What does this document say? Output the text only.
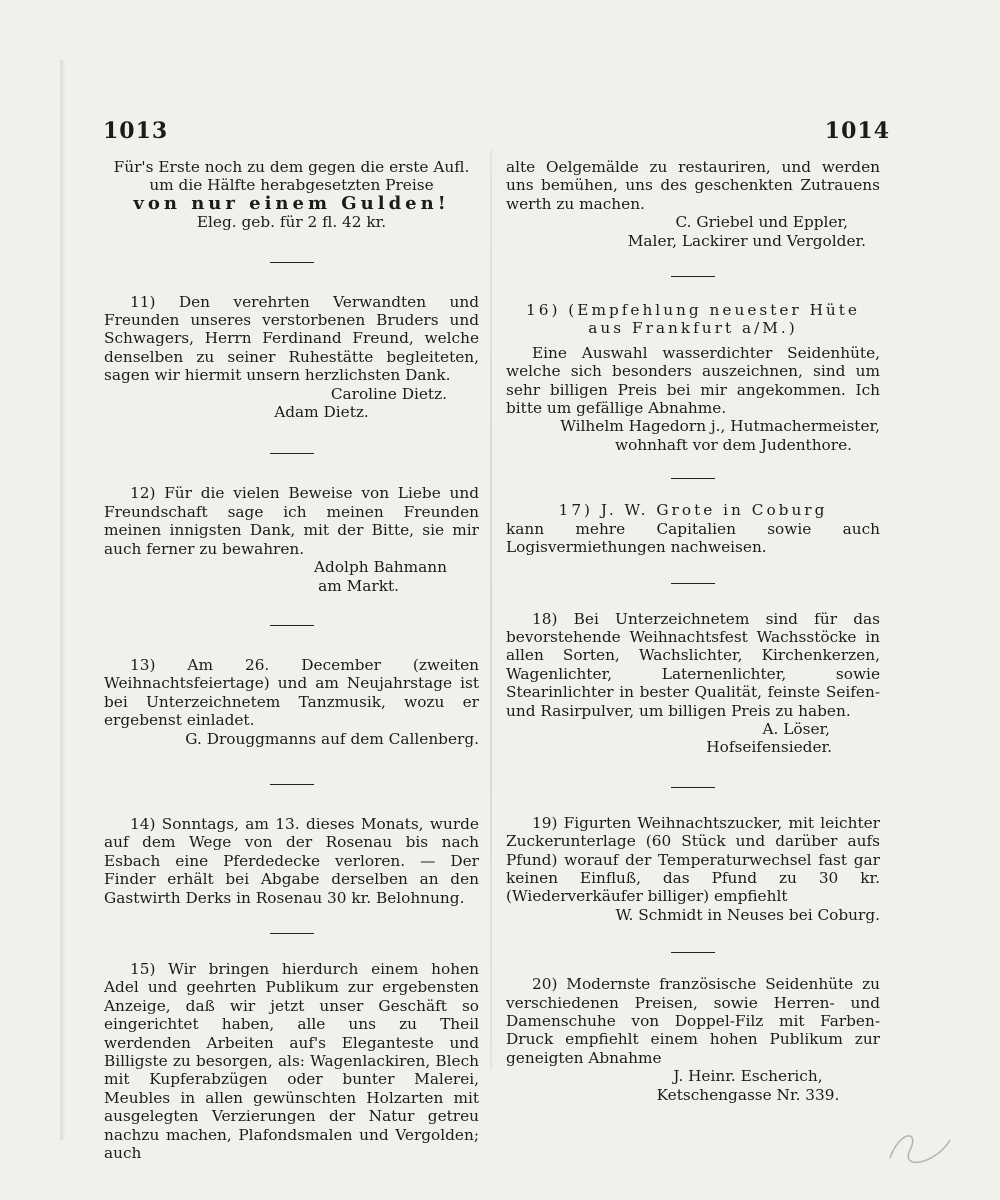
1013	1014

Für's Erste noch zu dem gegen die erste Aufl. um die Hälfte herabgesetzten Preise

von nur einem Gulden!

Eleg. geb. für 2 fl. 42 kr.

11) Den verehrten Verwandten und Freunden unseres verstorbenen Bruders und Schwagers, Herrn Ferdinand Freund, welche denselben zu seiner Ruhestätte begleiteten, sagen wir hiermit unsern herzlichsten Dank.

Caroline Dietz.

Adam Dietz.

12) Für die vielen Beweise von Liebe und Freundschaft sage ich meinen Freunden meinen innigsten Dank, mit der Bitte, sie mir auch ferner zu bewahren.

Adolph Bahmann

am Markt.

13) Am 26. December (zweiten Weihnachtsfeiertage) und am Neujahrstage ist bei Unterzeichnetem Tanzmusik, wozu er ergebenst einladet.

G. Drouggmanns auf dem Callenberg.

14) Sonntags, am 13. dieses Monats, wurde auf dem Wege von der Rosenau bis nach Esbach eine Pferdedecke verloren. — Der Finder erhält bei Abgabe derselben an den Gastwirth Derks in Rosenau 30 kr. Belohnung.

15) Wir bringen hierdurch einem hohen Adel und geehrten Publikum zur ergebensten Anzeige, daß wir jetzt unser Geschäft so eingerichtet haben, alle uns zu Theil werdenden Arbeiten auf's Eleganteste und Billigste zu besorgen, als: Wagenlackiren, Blech mit Kupferabzügen oder bunter Malerei, Meubles in allen gewünschten Holzarten mit ausgelegten Verzierungen der Natur getreu nachzu machen, Plafondsmalen und Vergolden; auch

alte Oelgemälde zu restauriren, und werden uns bemühen, uns des geschenkten Zutrauens werth zu machen.

C. Griebel und Eppler,

Maler, Lackirer und Vergolder.

16) (Empfehlung neuester Hüte aus Frankfurt a/M.)

Eine Auswahl wasserdichter Seidenhüte, welche sich besonders auszeichnen, sind um sehr billigen Preis bei mir angekommen. Ich bitte um gefällige Abnahme.

Wilhelm Hagedorn j., Hutmachermeister,

wohnhaft vor dem Judenthore.

17) J. W. Grote in Coburg

kann mehre Capitalien sowie auch Logisvermiethungen nachweisen.

18) Bei Unterzeichnetem sind für das bevorstehende Weihnachtsfest Wachsstöcke in allen Sorten, Wachslichter, Kirchenkerzen, Wagenlichter, Laternenlichter, sowie Stearinlichter in bester Qualität, feinste Seifen- und Rasirpulver, um billigen Preis zu haben.

A. Löser,

Hofseifensieder.

19) Figurten Weihnachtszucker, mit leichter Zuckerunterlage (60 Stück und darüber aufs Pfund) worauf der Temperaturwechsel fast gar keinen Einfluß, das Pfund zu 30 kr. (Wiederverkäufer billiger) empfiehlt

W. Schmidt in Neuses bei Coburg.

20) Modernste französische Seidenhüte zu verschiedenen Preisen, sowie Herren- und Damenschuhe von Doppel-Filz mit Farben-Druck empfiehlt einem hohen Publikum zur geneigten Abnahme

J. Heinr. Escherich,

Ketschengasse Nr. 339.
